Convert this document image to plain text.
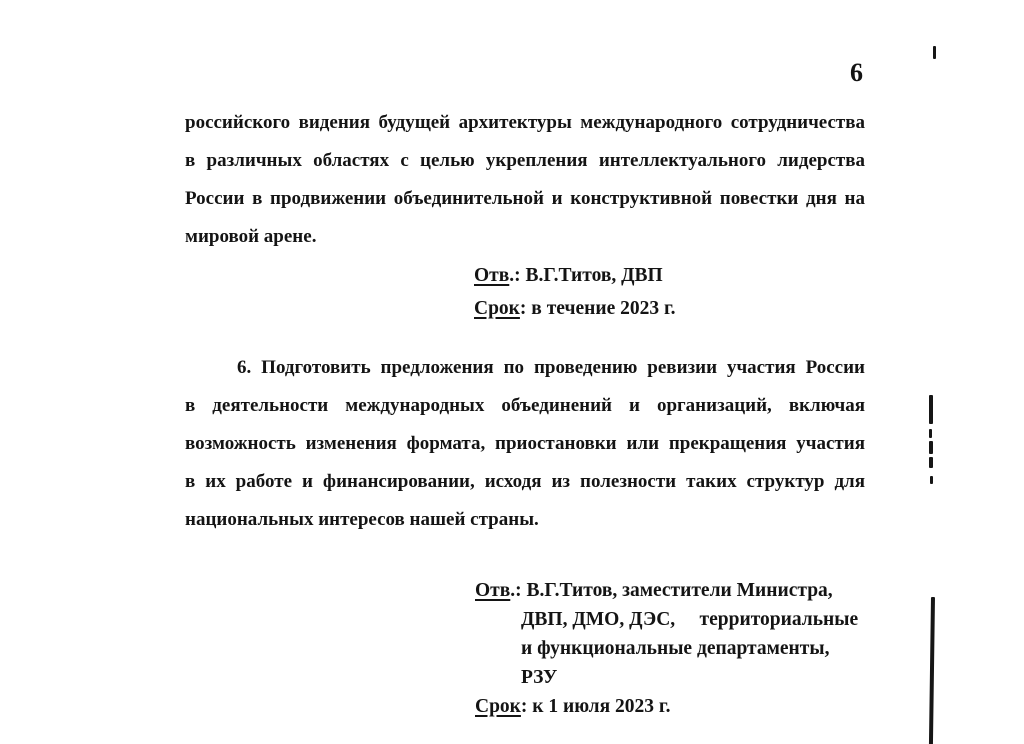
6
российского видения будущей архитектуры международного сотрудничества
в различных областях с целью укрепления интеллектуального лидерства
России в продвижении объединительной и конструктивной повестки дня на
мировой арене.
Отв.: В.Г.Титов, ДВП
Срок: в течение 2023 г.
6. Подготовить предложения по проведению ревизии участия России
в деятельности международных объединений и организаций, включая
возможность изменения формата, приостановки или прекращения участия
в их работе и финансировании, исходя из полезности таких структур для
национальных интересов нашей страны.
Отв.: В.Г.Титов, заместители Министра,
ДВП, ДМО, ДЭС,     территориальные
и функциональные департаменты,
РЗУ
Срок: к 1 июля 2023 г.
